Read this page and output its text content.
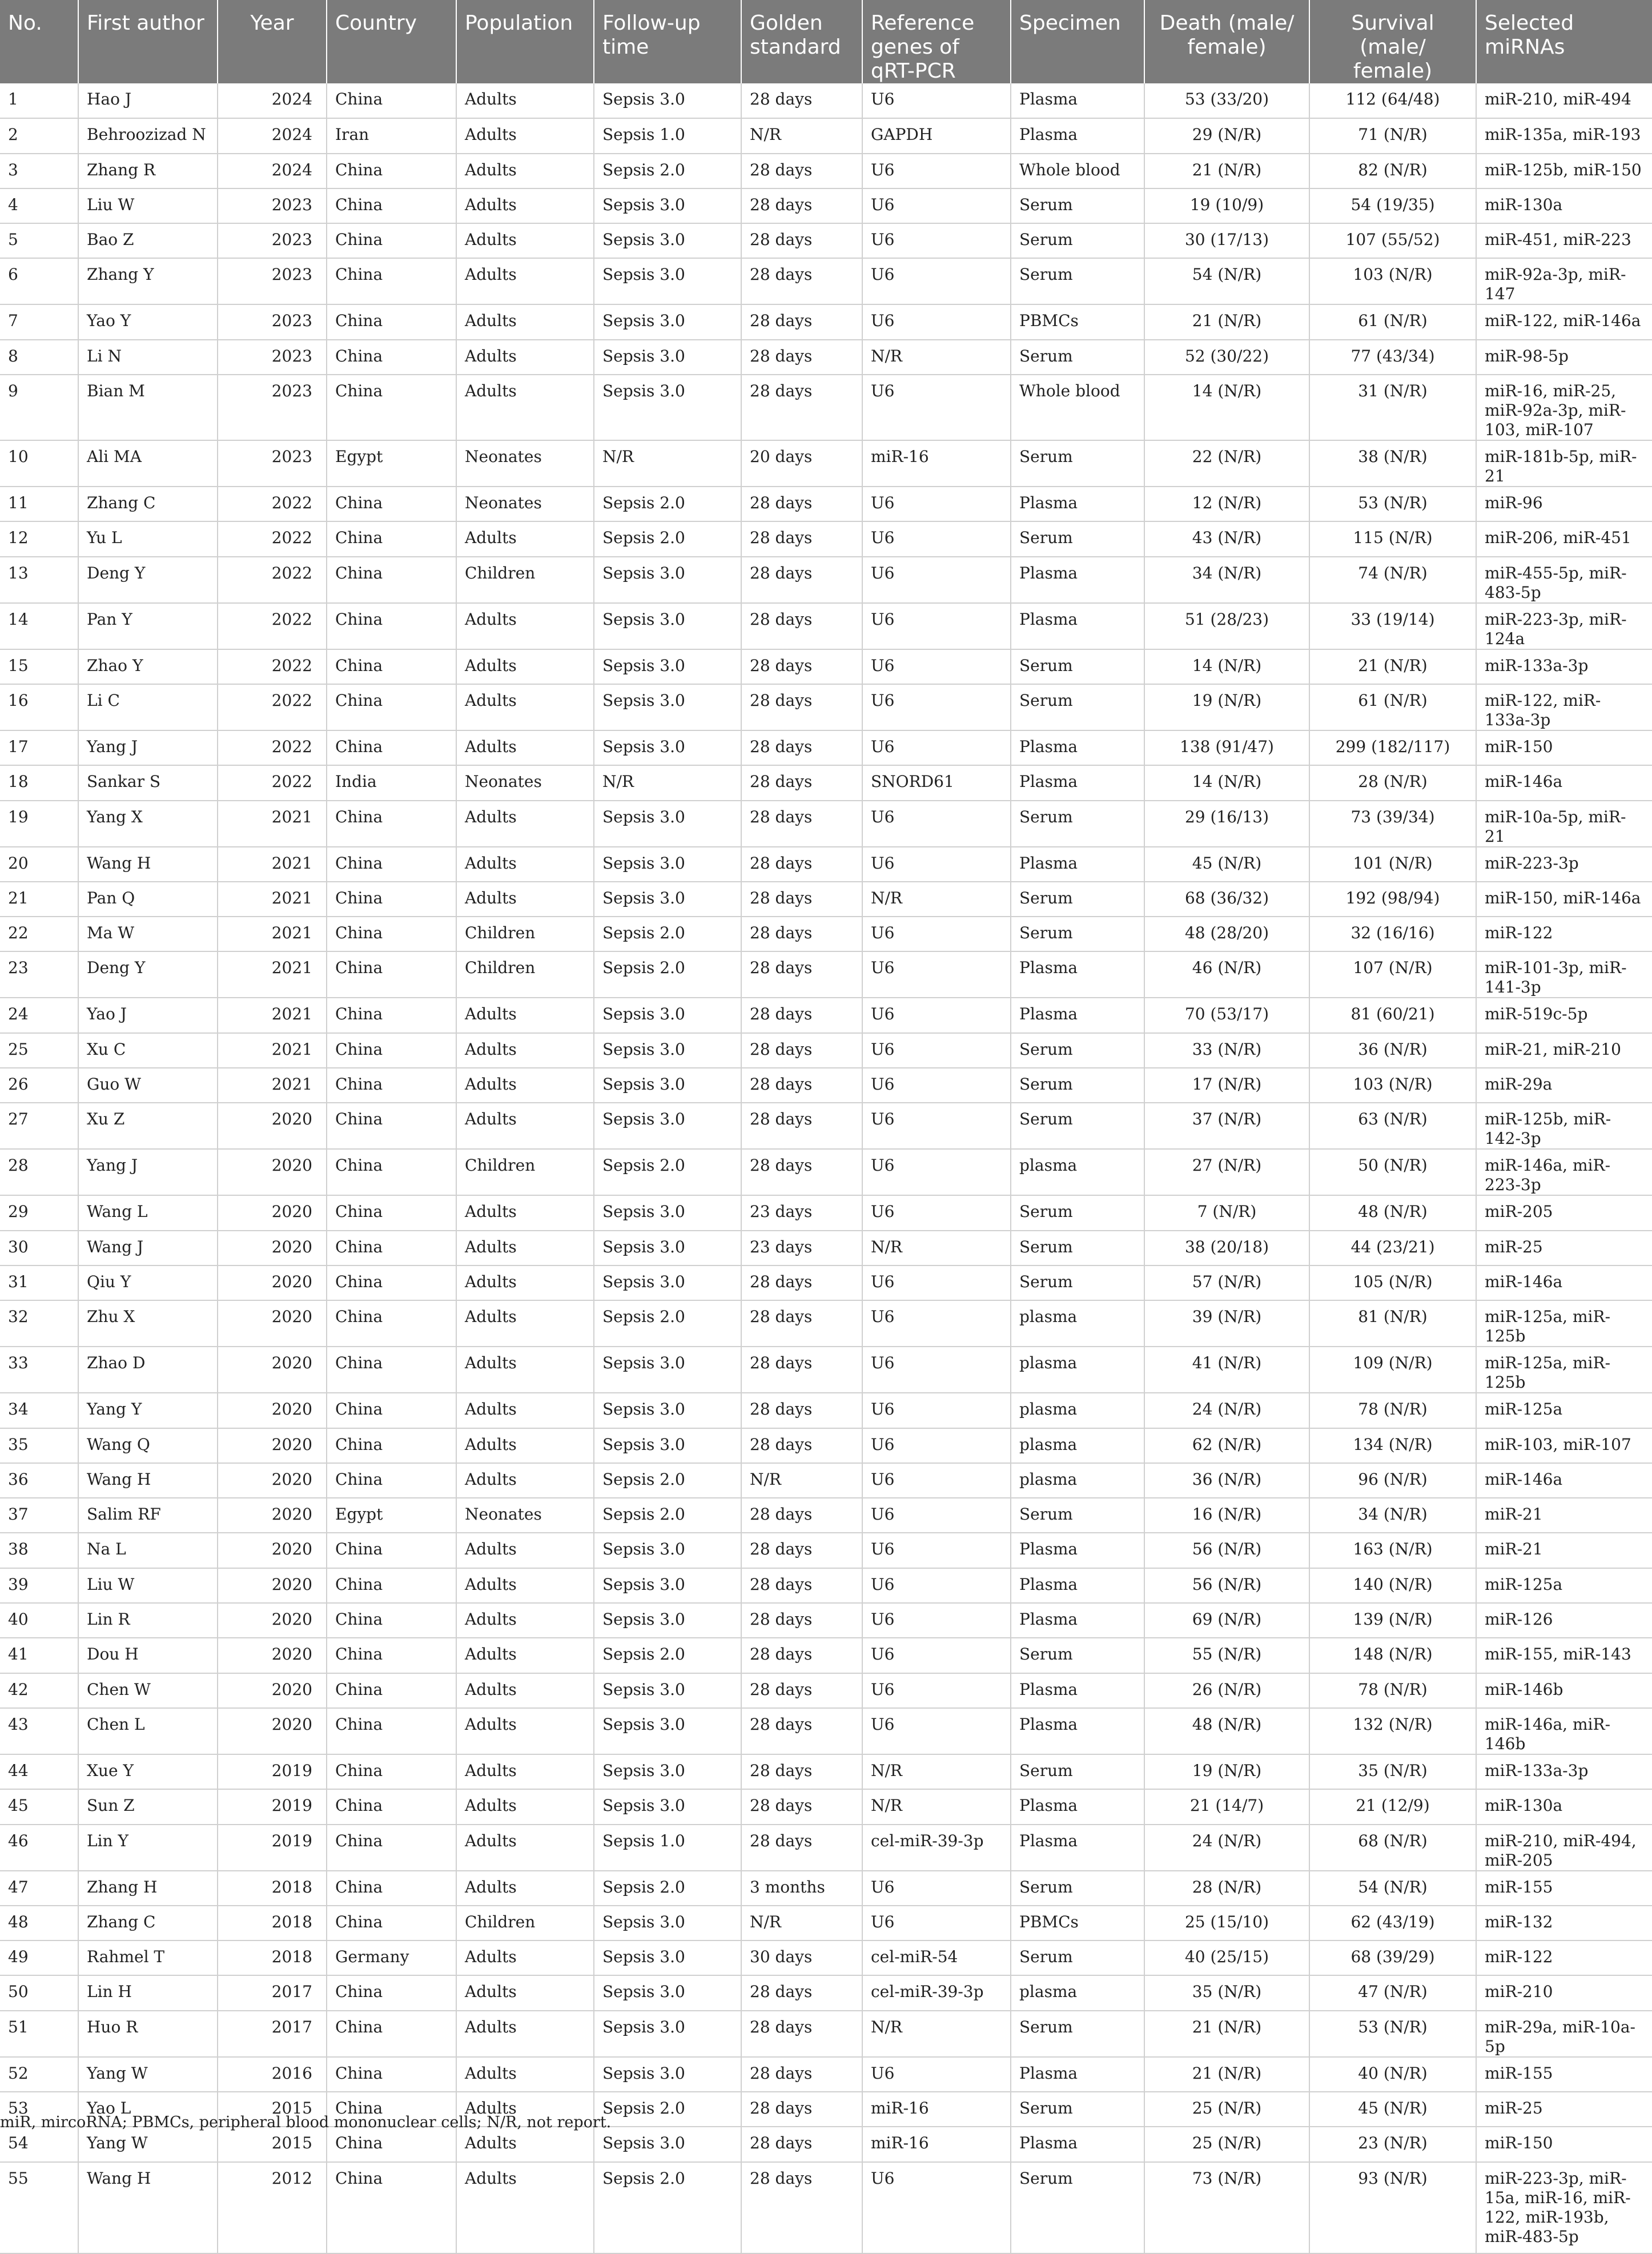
No.	First author	Year	Country	Population	Follow-up time	Golden standard	Reference genes of qRT-PCR	Specimen	Death (male/ female)	Survival (male/ female)	Selected miRNAs
1	Hao J	2024	China	Adults	Sepsis 3.0	28 days	U6	Plasma	53 (33/20)	112 (64/48)	miR-210, miR-494
2	Behroozizad N	2024	Iran	Adults	Sepsis 1.0	N/R	GAPDH	Plasma	29 (N/R)	71 (N/R)	miR-135a, miR-193
3	Zhang R	2024	China	Adults	Sepsis 2.0	28 days	U6	Whole blood	21 (N/R)	82 (N/R)	miR-125b, miR-150
4	Liu W	2023	China	Adults	Sepsis 3.0	28 days	U6	Serum	19 (10/9)	54 (19/35)	miR-130a
5	Bao Z	2023	China	Adults	Sepsis 3.0	28 days	U6	Serum	30 (17/13)	107 (55/52)	miR-451, miR-223
6	Zhang Y	2023	China	Adults	Sepsis 3.0	28 days	U6	Serum	54 (N/R)	103 (N/R)	miR-92a-3p, miR-147
7	Yao Y	2023	China	Adults	Sepsis 3.0	28 days	U6	PBMCs	21 (N/R)	61 (N/R)	miR-122, miR-146a
8	Li N	2023	China	Adults	Sepsis 3.0	28 days	N/R	Serum	52 (30/22)	77 (43/34)	miR-98-5p
9	Bian M	2023	China	Adults	Sepsis 3.0	28 days	U6	Whole blood	14 (N/R)	31 (N/R)	miR-16, miR-25, miR-92a-3p, miR-103, miR-107
10	Ali MA	2023	Egypt	Neonates	N/R	20 days	miR-16	Serum	22 (N/R)	38 (N/R)	miR-181b-5p, miR-21
11	Zhang C	2022	China	Neonates	Sepsis 2.0	28 days	U6	Plasma	12 (N/R)	53 (N/R)	miR-96
12	Yu L	2022	China	Adults	Sepsis 2.0	28 days	U6	Serum	43 (N/R)	115 (N/R)	miR-206, miR-451
13	Deng Y	2022	China	Children	Sepsis 3.0	28 days	U6	Plasma	34 (N/R)	74 (N/R)	miR-455-5p, miR-483-5p
14	Pan Y	2022	China	Adults	Sepsis 3.0	28 days	U6	Plasma	51 (28/23)	33 (19/14)	miR-223-3p, miR-124a
15	Zhao Y	2022	China	Adults	Sepsis 3.0	28 days	U6	Serum	14 (N/R)	21 (N/R)	miR-133a-3p
16	Li C	2022	China	Adults	Sepsis 3.0	28 days	U6	Serum	19 (N/R)	61 (N/R)	miR-122, miR-133a-3p
17	Yang J	2022	China	Adults	Sepsis 3.0	28 days	U6	Plasma	138 (91/47)	299 (182/117)	miR-150
18	Sankar S	2022	India	Neonates	N/R	28 days	SNORD61	Plasma	14 (N/R)	28 (N/R)	miR-146a
19	Yang X	2021	China	Adults	Sepsis 3.0	28 days	U6	Serum	29 (16/13)	73 (39/34)	miR-10a-5p, miR-21
20	Wang H	2021	China	Adults	Sepsis 3.0	28 days	U6	Plasma	45 (N/R)	101 (N/R)	miR-223-3p
21	Pan Q	2021	China	Adults	Sepsis 3.0	28 days	N/R	Serum	68 (36/32)	192 (98/94)	miR-150, miR-146a
22	Ma W	2021	China	Children	Sepsis 2.0	28 days	U6	Serum	48 (28/20)	32 (16/16)	miR-122
23	Deng Y	2021	China	Children	Sepsis 2.0	28 days	U6	Plasma	46 (N/R)	107 (N/R)	miR-101-3p, miR-141-3p
24	Yao J	2021	China	Adults	Sepsis 3.0	28 days	U6	Plasma	70 (53/17)	81 (60/21)	miR-519c-5p
25	Xu C	2021	China	Adults	Sepsis 3.0	28 days	U6	Serum	33 (N/R)	36 (N/R)	miR-21, miR-210
26	Guo W	2021	China	Adults	Sepsis 3.0	28 days	U6	Serum	17 (N/R)	103 (N/R)	miR-29a
27	Xu Z	2020	China	Adults	Sepsis 3.0	28 days	U6	Serum	37 (N/R)	63 (N/R)	miR-125b, miR-142-3p
28	Yang J	2020	China	Children	Sepsis 2.0	28 days	U6	plasma	27 (N/R)	50 (N/R)	miR-146a, miR-223-3p
29	Wang L	2020	China	Adults	Sepsis 3.0	23 days	U6	Serum	7 (N/R)	48 (N/R)	miR-205
30	Wang J	2020	China	Adults	Sepsis 3.0	23 days	N/R	Serum	38 (20/18)	44 (23/21)	miR-25
31	Qiu Y	2020	China	Adults	Sepsis 3.0	28 days	U6	Serum	57 (N/R)	105 (N/R)	miR-146a
32	Zhu X	2020	China	Adults	Sepsis 2.0	28 days	U6	plasma	39 (N/R)	81 (N/R)	miR-125a, miR-125b
33	Zhao D	2020	China	Adults	Sepsis 3.0	28 days	U6	plasma	41 (N/R)	109 (N/R)	miR-125a, miR-125b
34	Yang Y	2020	China	Adults	Sepsis 3.0	28 days	U6	plasma	24 (N/R)	78 (N/R)	miR-125a
35	Wang Q	2020	China	Adults	Sepsis 3.0	28 days	U6	plasma	62 (N/R)	134 (N/R)	miR-103, miR-107
36	Wang H	2020	China	Adults	Sepsis 2.0	N/R	U6	plasma	36 (N/R)	96 (N/R)	miR-146a
37	Salim RF	2020	Egypt	Neonates	Sepsis 2.0	28 days	U6	Serum	16 (N/R)	34 (N/R)	miR-21
38	Na L	2020	China	Adults	Sepsis 3.0	28 days	U6	Plasma	56 (N/R)	163 (N/R)	miR-21
39	Liu W	2020	China	Adults	Sepsis 3.0	28 days	U6	Plasma	56 (N/R)	140 (N/R)	miR-125a
40	Lin R	2020	China	Adults	Sepsis 3.0	28 days	U6	Plasma	69 (N/R)	139 (N/R)	miR-126
41	Dou H	2020	China	Adults	Sepsis 2.0	28 days	U6	Serum	55 (N/R)	148 (N/R)	miR-155, miR-143
42	Chen W	2020	China	Adults	Sepsis 3.0	28 days	U6	Plasma	26 (N/R)	78 (N/R)	miR-146b
43	Chen L	2020	China	Adults	Sepsis 3.0	28 days	U6	Plasma	48 (N/R)	132 (N/R)	miR-146a, miR-146b
44	Xue Y	2019	China	Adults	Sepsis 3.0	28 days	N/R	Serum	19 (N/R)	35 (N/R)	miR-133a-3p
45	Sun Z	2019	China	Adults	Sepsis 3.0	28 days	N/R	Plasma	21 (14/7)	21 (12/9)	miR-130a
46	Lin Y	2019	China	Adults	Sepsis 1.0	28 days	cel-miR-39-3p	Plasma	24 (N/R)	68 (N/R)	miR-210, miR-494, miR-205
47	Zhang H	2018	China	Adults	Sepsis 2.0	3 months	U6	Serum	28 (N/R)	54 (N/R)	miR-155
48	Zhang C	2018	China	Children	Sepsis 3.0	N/R	U6	PBMCs	25 (15/10)	62 (43/19)	miR-132
49	Rahmel T	2018	Germany	Adults	Sepsis 3.0	30 days	cel-miR-54	Serum	40 (25/15)	68 (39/29)	miR-122
50	Lin H	2017	China	Adults	Sepsis 3.0	28 days	cel-miR-39-3p	plasma	35 (N/R)	47 (N/R)	miR-210
51	Huo R	2017	China	Adults	Sepsis 3.0	28 days	N/R	Serum	21 (N/R)	53 (N/R)	miR-29a, miR-10a-5p
52	Yang W	2016	China	Adults	Sepsis 3.0	28 days	U6	Plasma	21 (N/R)	40 (N/R)	miR-155
53	Yao L	2015	China	Adults	Sepsis 2.0	28 days	miR-16	Serum	25 (N/R)	45 (N/R)	miR-25
54	Yang W	2015	China	Adults	Sepsis 3.0	28 days	miR-16	Plasma	25 (N/R)	23 (N/R)	miR-150
55	Wang H	2012	China	Adults	Sepsis 2.0	28 days	U6	Serum	73 (N/R)	93 (N/R)	miR-223-3p, miR-15a, miR-16, miR-122, miR-193b, miR-483-5p
miR, mircoRNA; PBMCs, peripheral blood mononuclear cells; N/R, not report.
